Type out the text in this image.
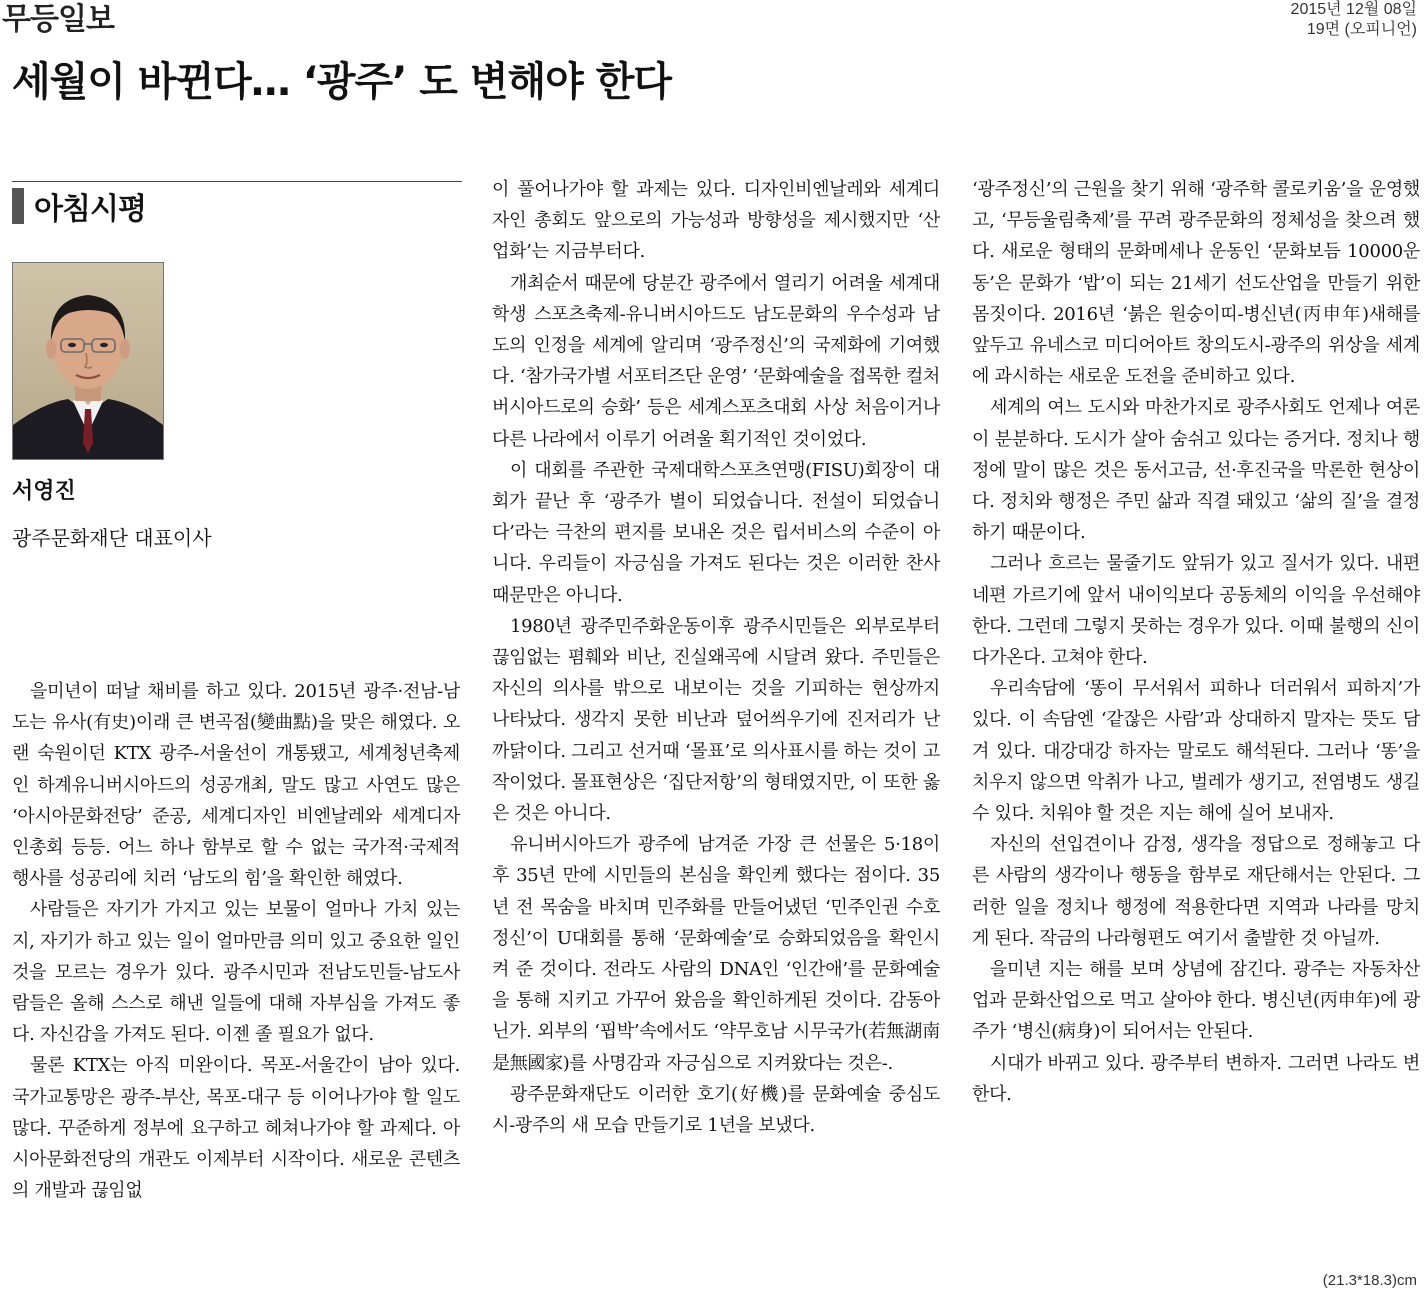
무등일보	2015년 12월 08일
19면 (오피니언)
세월이 바뀐다… ‘광주’ 도 변해야 한다
아침시평
서영진
광주문화재단 대표이사

을미년이 떠날 채비를 하고 있다. 2015년 광주·전남-남도는 유사(有史)이래 큰 변곡점(變曲點)을 맞은 해였다. 오랜 숙원이던 KTX 광주-서울선이 개통됐고, 세계청년축제인 하계유니버시아드의 성공개최, 말도 많고 사연도 많은 ‘아시아문화전당’ 준공, 세계디자인 비엔날레와 세계디자인총회 등등. 어느 하나 함부로 할 수 없는 국가적·국제적 행사를 성공리에 치러 ‘남도의 힘’을 확인한 해였다.

사람들은 자기가 가지고 있는 보물이 얼마나 가치 있는지, 자기가 하고 있는 일이 얼마만큼 의미 있고 중요한 일인 것을 모르는 경우가 있다. 광주시민과 전남도민들-남도사람들은 올해 스스로 해낸 일들에 대해 자부심을 가져도 좋다. 자신감을 가져도 된다. 이젠 졸 필요가 없다.

물론 KTX는 아직 미완이다. 목포-서울간이 남아 있다. 국가교통망은 광주-부산, 목포-대구 등 이어나가야 할 일도 많다. 꾸준하게 정부에 요구하고 헤쳐나가야 할 과제다. 아시아문화전당의 개관도 이제부터 시작이다. 새로운 콘텐츠의 개발과 끊임없

이 풀어나가야 할 과제는 있다. 디자인비엔날레와 세계디자인 총회도 앞으로의 가능성과 방향성을 제시했지만 ‘산업화’는 지금부터다.

개최순서 때문에 당분간 광주에서 열리기 어려울 세계대학생 스포츠축제-유니버시아드도 남도문화의 우수성과 남도의 인정을 세계에 알리며 ‘광주정신’의 국제화에 기여했다. ‘참가국가별 서포터즈단 운영’ ‘문화예술을 접목한 컬처버시아드로의 승화’ 등은 세계스포츠대회 사상 처음이거나 다른 나라에서 이루기 어려울 획기적인 것이었다.

이 대회를 주관한 국제대학스포츠연맹(FISU)회장이 대회가 끝난 후 ‘광주가 별이 되었습니다. 전설이 되었습니다’라는 극찬의 편지를 보내온 것은 립서비스의 수준이 아니다. 우리들이 자긍심을 가져도 된다는 것은 이러한 찬사 때문만은 아니다.

1980년 광주민주화운동이후 광주시민들은 외부로부터 끊임없는 폄훼와 비난, 진실왜곡에 시달려 왔다. 주민들은 자신의 의사를 밖으로 내보이는 것을 기피하는 현상까지 나타났다. 생각지 못한 비난과 덮어씌우기에 진저리가 난 까닭이다. 그리고 선거때 ‘몰표’로 의사표시를 하는 것이 고작이었다. 몰표현상은 ‘집단저항’의 형태였지만, 이 또한 옳은 것은 아니다.

유니버시아드가 광주에 남겨준 가장 큰 선물은 5·18이후 35년 만에 시민들의 본심을 확인케 했다는 점이다. 35년 전 목숨을 바치며 민주화를 만들어냈던 ‘민주인권 수호정신’이 U대회를 통해 ‘문화예술’로 승화되었음을 확인시켜 준 것이다. 전라도 사람의 DNA인 ‘인간애’를 문화예술을 통해 지키고 가꾸어 왔음을 확인하게된 것이다. 감동아닌가. 외부의 ‘핍박’속에서도 ‘약무호남 시무국가(若無湖南 是無國家)를 사명감과 자긍심으로 지켜왔다는 것은-.

광주문화재단도 이러한 호기(好機)를 문화예술 중심도시-광주의 새 모습 만들기로 1년을 보냈다.

‘광주정신’의 근원을 찾기 위해 ‘광주학 콜로키움’을 운영했고, ‘무등울림축제’를 꾸려 광주문화의 정체성을 찾으려 했다. 새로운 형태의 문화메세나 운동인 ‘문화보듬 10000운동’은 문화가 ‘밥’이 되는 21세기 선도산업을 만들기 위한 몸짓이다. 2016년 ‘붉은 원숭이띠-병신년(丙申年)새해를 앞두고 유네스코 미디어아트 창의도시-광주의 위상을 세계에 과시하는 새로운 도전을 준비하고 있다.

세계의 여느 도시와 마찬가지로 광주사회도 언제나 여론이 분분하다. 도시가 살아 숨쉬고 있다는 증거다. 정치나 행정에 말이 많은 것은 동서고금, 선·후진국을 막론한 현상이다. 정치와 행정은 주민 삶과 직결 돼있고 ‘삶의 질’을 결정하기 때문이다.

그러나 흐르는 물줄기도 앞뒤가 있고 질서가 있다. 내편 네편 가르기에 앞서 내이익보다 공동체의 이익을 우선해야 한다. 그런데 그렇지 못하는 경우가 있다. 이때 불행의 신이 다가온다. 고쳐야 한다.

우리속담에 ‘똥이 무서워서 피하나 더러워서 피하지’가 있다. 이 속담엔 ‘같잖은 사람’과 상대하지 말자는 뜻도 담겨 있다. 대강대강 하자는 말로도 해석된다. 그러나 ‘똥’을 치우지 않으면 악취가 나고, 벌레가 생기고, 전염병도 생길수 있다. 치워야 할 것은 지는 해에 실어 보내자.

자신의 선입견이나 감정, 생각을 정답으로 정해놓고 다른 사람의 생각이나 행동을 함부로 재단해서는 안된다. 그러한 일을 정치나 행정에 적용한다면 지역과 나라를 망치게 된다. 작금의 나라형편도 여기서 출발한 것 아닐까.

을미년 지는 해를 보며 상념에 잠긴다. 광주는 자동차산업과 문화산업으로 먹고 살아야 한다. 병신년(丙申年)에 광주가 ‘병신(病身)이 되어서는 안된다.

시대가 바뀌고 있다. 광주부터 변하자. 그러면 나라도 변한다.

(21.3*18.3)cm
